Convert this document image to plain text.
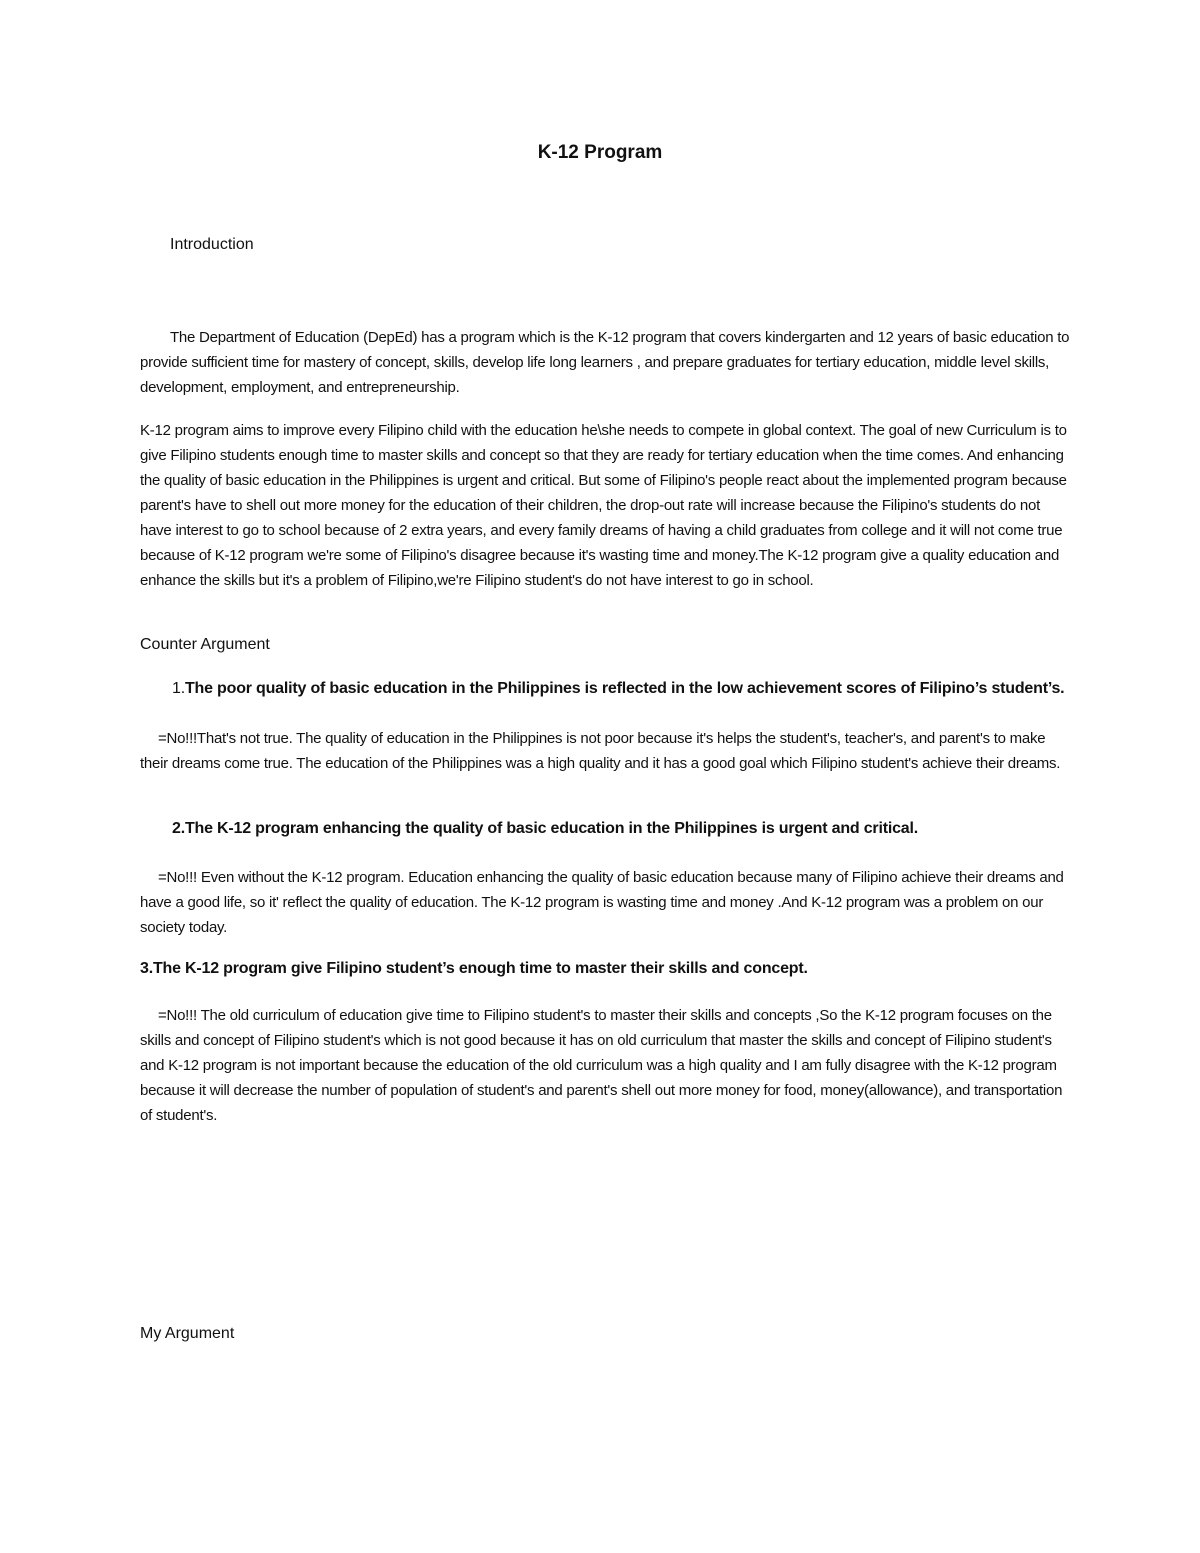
K-12 Program
Introduction

The Department of Education (DepEd) has a program which is the K-12 program that covers kindergarten and 12 years of basic education to provide sufficient time for mastery of concept, skills, develop life long learners , and prepare graduates for tertiary education, middle level skills, development, employment, and entrepreneurship.

K-12 program aims to improve every Filipino child with the education he\she needs to compete in global context. The goal of new Curriculum is to give Filipino students enough time to master skills and concept so that they are ready for tertiary education when the time comes. And enhancing the quality of basic education in the Philippines is urgent and critical. But some of Filipino's people react about the implemented program because parent's have to shell out more money for the education of their children, the drop-out rate will increase because the Filipino's students do not have interest to go to school because of 2 extra years, and every family dreams of having a child graduates from college and it will not come true because of K-12 program we're some of Filipino's disagree because it's wasting time and money.The K-12 program give a quality education and enhance the skills but it's a problem of Filipino,we're Filipino student's do not have interest to go in school.

Counter Argument

1.The poor quality of basic education in the Philippines is reflected in the low achievement scores of Filipino’s student’s.

=No!!!That's not true. The quality of education in the Philippines is not poor because it's helps the student's, teacher's, and parent's to make their dreams come true. The education of the Philippines was a high quality and it has a good goal which Filipino student's achieve their dreams.

2.The K-12 program enhancing the quality of basic education in the Philippines is urgent and critical.

=No!!! Even without the K-12 program. Education enhancing the quality of basic education because many of Filipino achieve their dreams and have a good life, so it' reflect the quality of education. The K-12 program is wasting time and money .And K-12 program was a problem on our society today.

3.The K-12 program give Filipino student’s enough time to master their skills and concept.

=No!!! The old curriculum of education give time to Filipino student's to master their skills and concepts ,So the K-12 program focuses on the skills and concept of Filipino student's which is not good because it has on old curriculum that master the skills and concept of Filipino student's and K-12 program is not important because the education of the old curriculum was a high quality and I am fully disagree with the K-12 program because it will decrease the number of population of student's and parent's shell out more money for food, money(allowance), and transportation of student's.

My Argument
